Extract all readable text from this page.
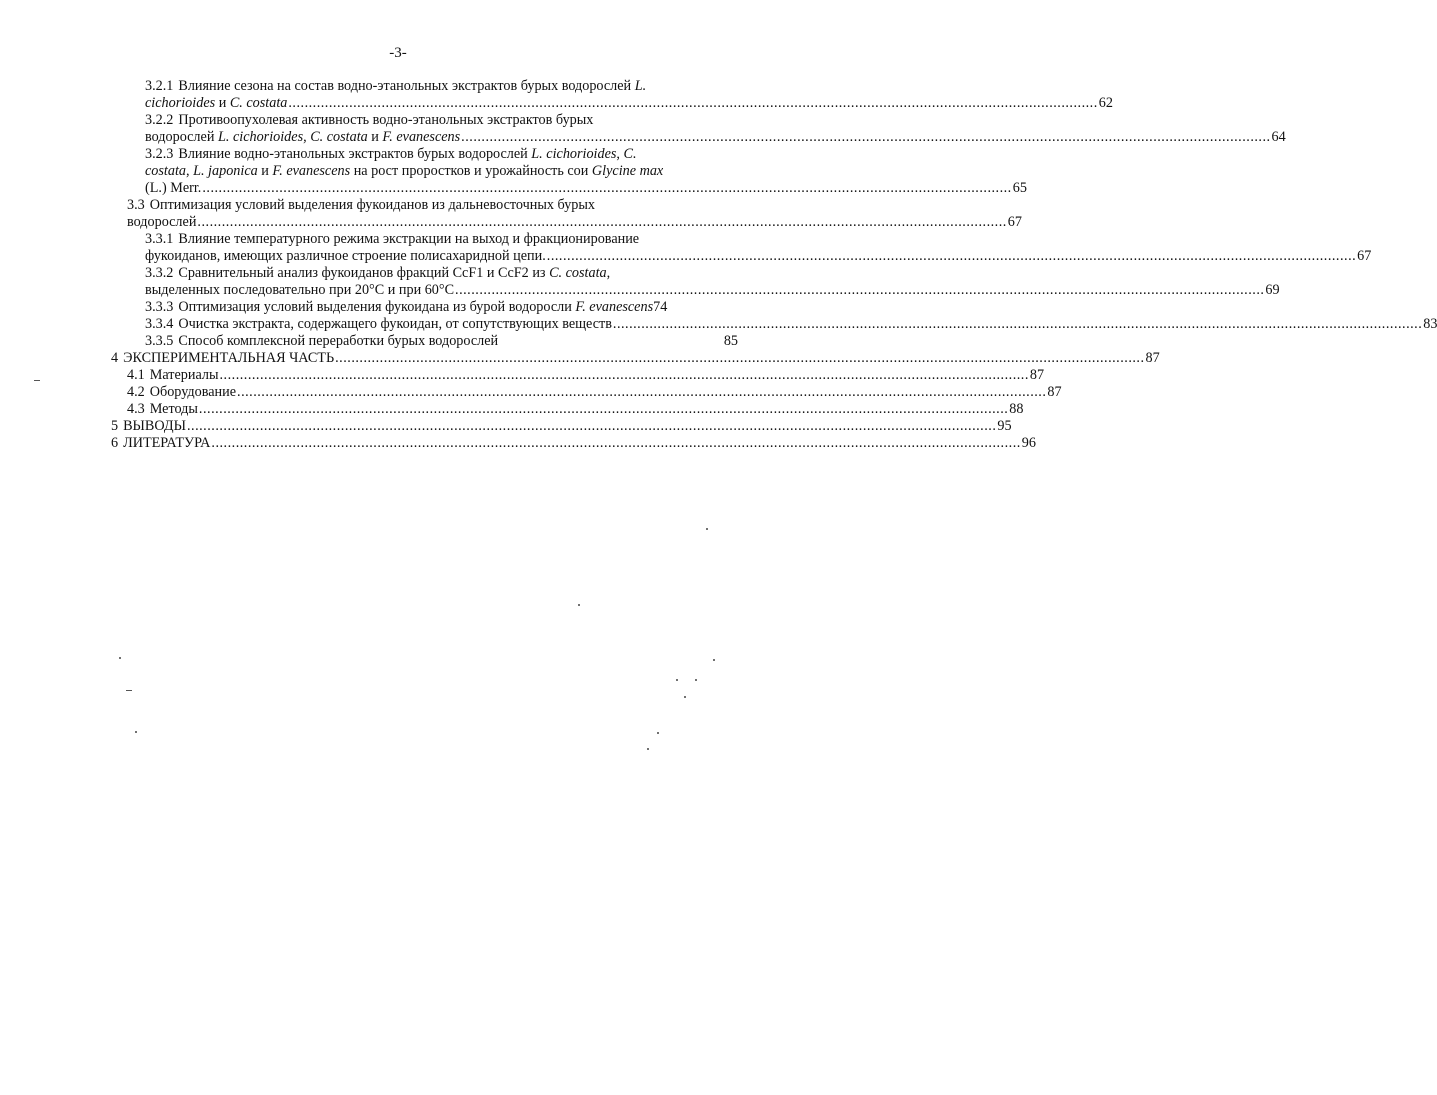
-3-
3.2.1 Влияние сезона на состав водно-этанольных экстрактов бурых водорослей L.
cichorioides и C. costata ........................................................................................................................................................................................................ 62
3.2.2 Противоопухолевая активность водно-этанольных экстрактов бурых
водорослей L. cichorioides, C. costata и F. evanescens ........................................................................................................................................................................................................ 64
3.2.3 Влияние водно-этанольных экстрактов бурых водорослей L. cichorioides, C.
costata, L. japonica и F. evanescens на рост проростков и урожайность сои Glycine max
(L.) Merr. ........................................................................................................................................................................................................ 65
3.3 Оптимизация условий выделения фукоиданов из дальневосточных бурых
водорослей ........................................................................................................................................................................................................ 67
3.3.1 Влияние температурного режима экстракции на выход и фракционирование
фукоиданов, имеющих различное строение полисахаридной цепи. ........................................................................................................................................................................................................ 67
3.3.2 Сравнительный анализ фукоиданов фракций CcF1 и CcF2 из C. costata,
выделенных последовательно при 20°С и при 60°С ........................................................................................................................................................................................................ 69
3.3.3 Оптимизация условий выделения фукоидана из бурой водоросли F. evanescens 74
3.3.4 Очистка экстракта, содержащего фукоидан, от сопутствующих веществ ........................................................................................................................................................................................................ 83
3.3.5 Способ комплексной переработки бурых водорослей	85
4 ЭКСПЕРИМЕНТАЛЬНАЯ ЧАСТЬ ........................................................................................................................................................................................................ 87
4.1 Материалы ........................................................................................................................................................................................................ 87
4.2 Оборудование ........................................................................................................................................................................................................ 87
4.3 Методы ........................................................................................................................................................................................................ 88
5 ВЫВОДЫ ........................................................................................................................................................................................................ 95
6 ЛИТЕРАТУРА ........................................................................................................................................................................................................ 96
